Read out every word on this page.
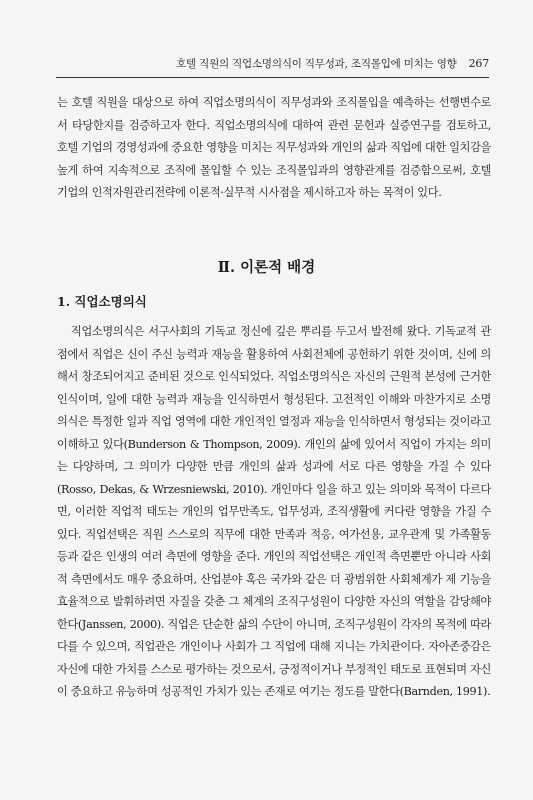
호텔 직원의 직업소명의식이 직무성과, 조직몰입에 미치는 영향 267

는 호텔 직원을 대상으로 하여 직업소명의식이 직무성과와 조직몰입을 예측하는 선행변수로서 타당한지를 검증하고자 한다. 직업소명의식에 대하여 관련 문헌과 실증연구를 검토하고, 호텔 기업의 경영성과에 중요한 영향을 미치는 직무성과와 개인의 삶과 직업에 대한 일치감을 높게 하여 지속적으로 조직에 몰입할 수 있는 조직몰입과의 영향관계를 검증함으로써, 호텔 기업의 인적자원관리전략에 이론적·실무적 시사점을 제시하고자 하는 목적이 있다.

Ⅱ. 이론적 배경
1. 직업소명의식

직업소명의식은 서구사회의 기독교 정신에 깊은 뿌리를 두고서 발전해 왔다. 기독교적 관점에서 직업은 신이 주신 능력과 재능을 활용하여 사회전체에 공헌하기 위한 것이며, 신에 의해서 창조되어지고 준비된 것으로 인식되었다. 직업소명의식은 자신의 근원적 본성에 근거한 인식이며, 일에 대한 능력과 재능을 인식하면서 형성된다. 고전적인 이해와 마찬가지로 소명의식은 특정한 일과 직업 영역에 대한 개인적인 열정과 재능을 인식하면서 형성되는 것이라고 이해하고 있다(Bunderson & Thompson, 2009). 개인의 삶에 있어서 직업이 가지는 의미는 다양하며, 그 의미가 다양한 만큼 개인의 삶과 성과에 서로 다른 영향을 가질 수 있다(Rosso, Dekas, & Wrzesniewski, 2010). 개인마다 일을 하고 있는 의미와 목적이 다르다면, 이러한 직업적 태도는 개인의 업무만족도, 업무성과, 조직생활에 커다란 영향을 가질 수 있다. 직업선택은 직원 스스로의 직무에 대한 만족과 적응, 여가선용, 교우관계 및 가족활동 등과 같은 인생의 여러 측면에 영향을 준다. 개인의 직업선택은 개인적 측면뿐만 아니라 사회적 측면에서도 매우 중요하며, 산업분야 혹은 국가와 같은 더 광범위한 사회체계가 제 기능을 효율적으로 발휘하려면 자질을 갖춘 그 체계의 조직구성원이 다양한 자신의 역할을 감당해야 한다(Janssen, 2000). 직업은 단순한 삶의 수단이 아니며, 조직구성원이 각자의 목적에 따라 다를 수 있으며, 직업관은 개인이나 사회가 그 직업에 대해 지니는 가치관이다. 자아존중감은 자신에 대한 가치를 스스로 평가하는 것으로서, 긍정적이거나 부정적인 태도로 표현되며 자신이 중요하고 유능하며 성공적인 가치가 있는 존재로 여기는 정도를 말한다(Barnden, 1991).
